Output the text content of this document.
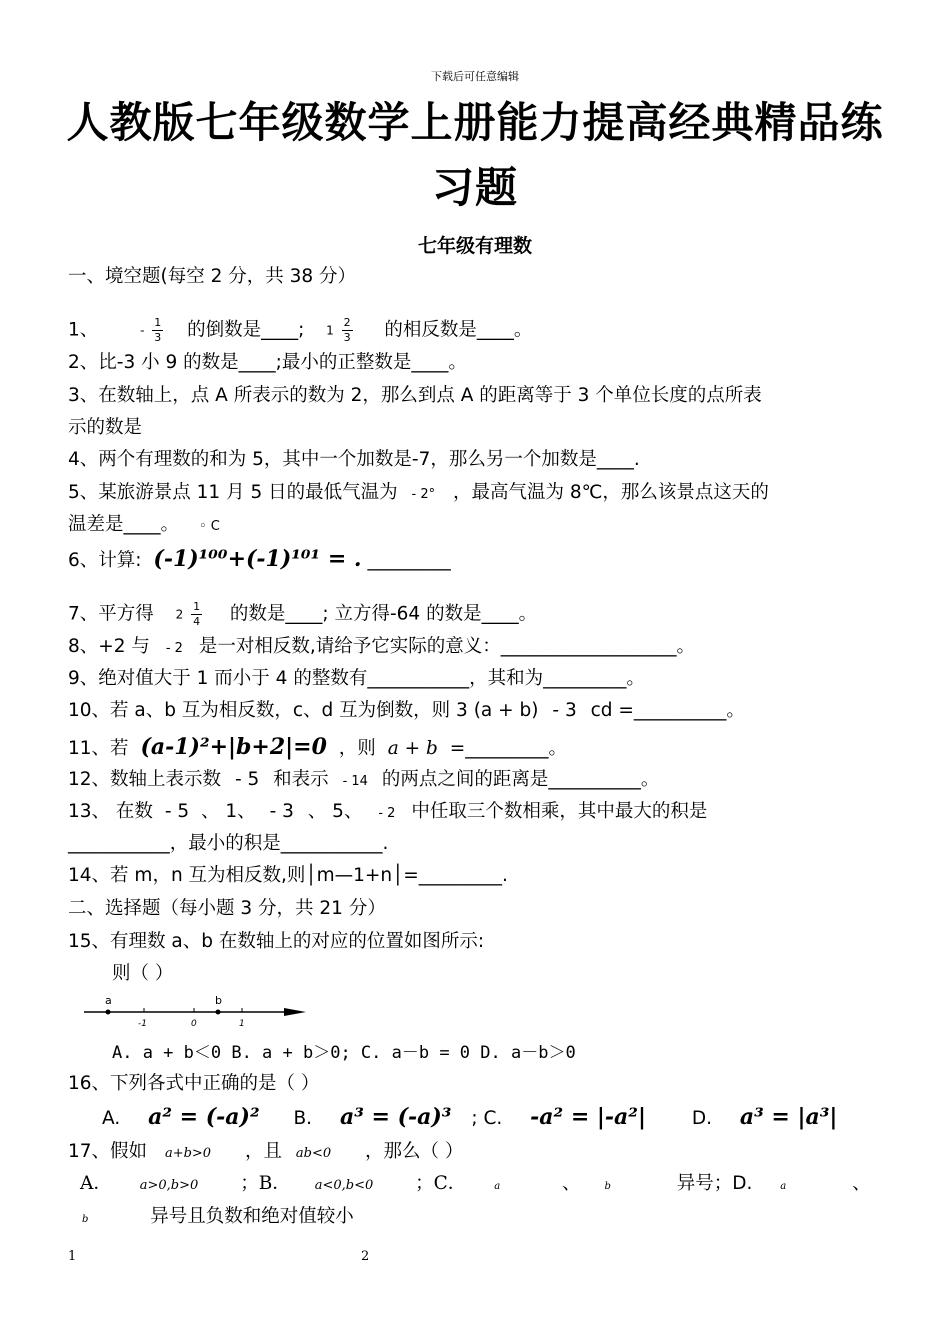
下载后可任意编辑
人教版七年级数学上册能力提高经典精品练
习题
七年级有理数
一、境空题(每空 2 分，共 38 分）
1、	- $\frac{1}{3}$ 的倒数是____; $1 \frac{2}{3}$ 的相反数是____。
2、比-3 小 9 的数是____;最小的正整数是____。
3、在数轴上，点 A 所表示的数为 2，那么到点 A 的距离等于 3 个单位长度的点所表
示的数是
4、两个有理数的和为 5，其中一个加数是-7，那么另一个加数是____.
5、某旅游景点 11 月 5 日的最低气温为 - 2° ，最高气温为 8℃，那么该景点这天的
温差是____。 ◦ C
6、计算: (-1)¹⁰⁰+(-1)¹⁰¹ = . _________
7、平方得 $2 \frac{1}{4}$ 的数是____; 立方得-64 的数是____。
8、+2 与 - 2 是一对相反数,请给予它实际的意义：___________________。
9、绝对值大于 1 而小于 4 的整数有___________，其和为_________。
10、若 a、b 互为相反数，c、d 互为倒数，则 3 (a + b) - 3 cd =__________。
11、若 (a-1)²+|b+2|=0 ，则 a + b =_________。
12、数轴上表示数 - 5 和表示 - 14 的两点之间的距离是__________。
13、 在数 - 5 、 1、 - 3 、 5、 - 2 中任取三个数相乘，其中最大的积是
___________，最小的积是___________.
14、若 m，n 互为相反数,则│m—1+n│=_________.
二、选择题（每小题 3 分，共 21 分）
15、有理数 a、b 在数轴上的对应的位置如图所示:
则（ ）
a	b
-1	0	1
A. a + b＜0 B. a + b＞0; C. a－b = 0 D. a－b＞0
16、下列各式中正确的是（ ）
A. a² = (-a)² B. a³ = (-a)³ ; C. -a² = |-a²| D. a³ = |a³|
17、假如 a+b>0 ，且 ab<0 ，那么（ ）
A． a>0,b>0 ；B． a<0,b<0 ；C．	a	、 b	异号；D.	a	、
b	异号且负数和绝对值较小
1	2
